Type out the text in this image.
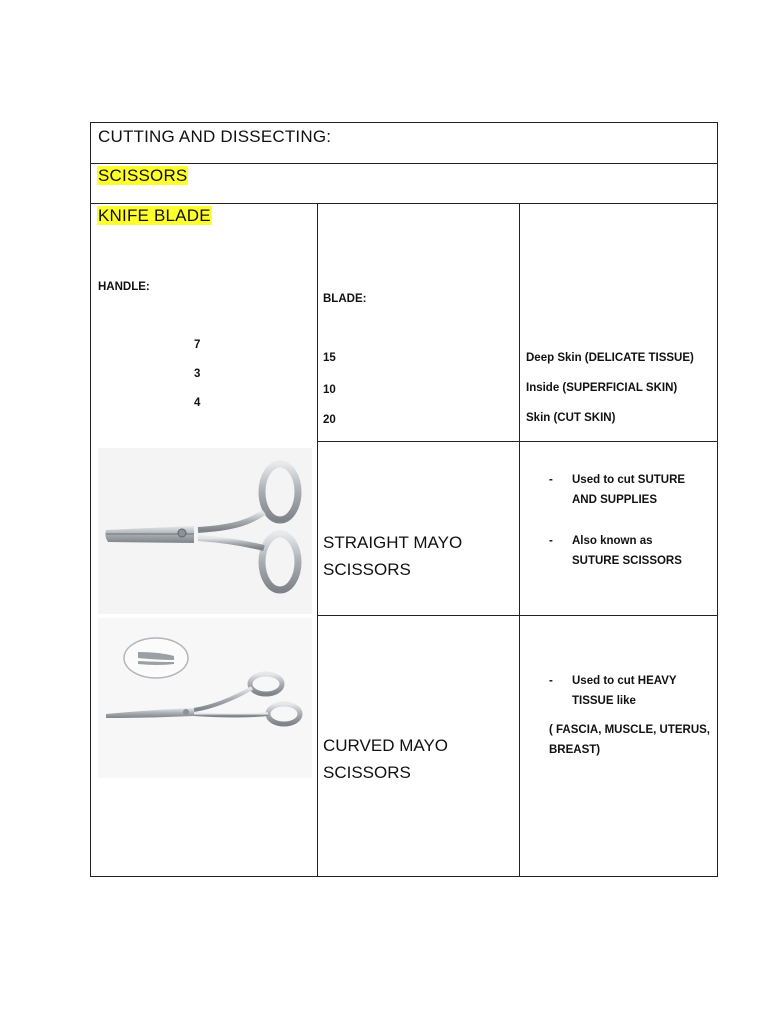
CUTTING AND DISSECTING:
SCISSORS
KNIFE BLADE
HANDLE:
7
3
4
BLADE:
15
10
20
Deep Skin (DELICATE TISSUE)
Inside (SUPERFICIAL SKIN)
Skin (CUT SKIN)
STRAIGHT MAYO
SCISSORS
- Used to cut SUTURE
AND SUPPLIES
- Also known as
SUTURE SCISSORS
CURVED MAYO
SCISSORS
- Used to cut HEAVY
TISSUE like
( FASCIA, MUSCLE, UTERUS,
BREAST)
